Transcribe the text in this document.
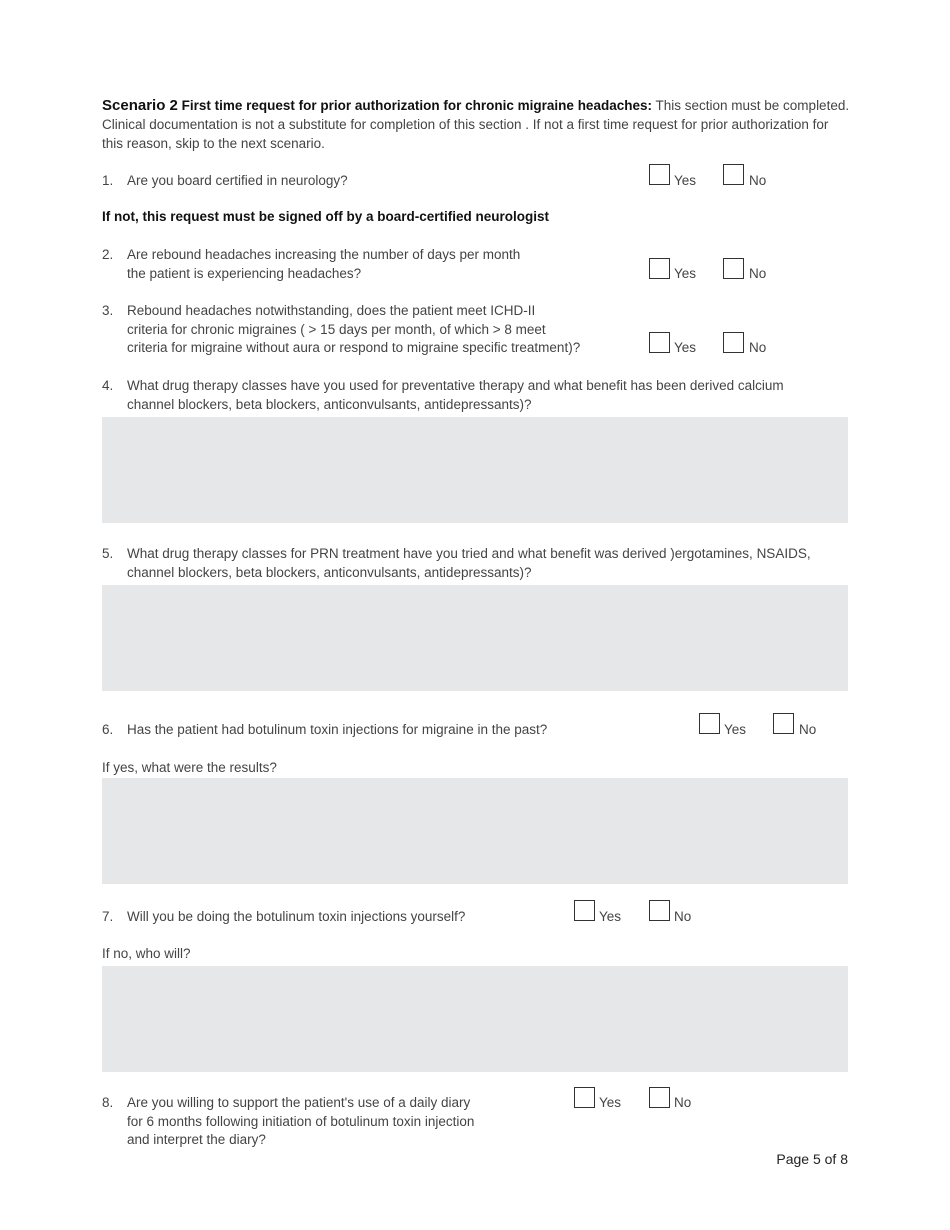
Scenario 2 First time request for prior authorization for chronic migraine headaches: This section must be completed. Clinical documentation is not a substitute for completion of this section . If not a first time request for prior authorization for this reason, skip to the next scenario.
1.	Are you board certified in neurology?	Yes	No
If not, this request must be signed off by a board-certified neurologist
2.	Are rebound headaches increasing the number of days per month
the patient is experiencing headaches?	Yes	No
3.	Rebound headaches notwithstanding, does the patient meet ICHD-II
criteria for chronic migraines ( > 15 days per month, of which > 8 meet
criteria for migraine without aura or respond to migraine specific treatment)?	Yes	No
4.	What drug therapy classes have you used for preventative therapy and what benefit has been derived calcium
channel blockers, beta blockers, anticonvulsants, antidepressants)?
5.	What drug therapy classes for PRN treatment have you tried and what benefit was derived )ergotamines, NSAIDS,
channel blockers, beta blockers, anticonvulsants, antidepressants)?
6.	Has the patient had botulinum toxin injections for migraine in the past?	Yes	No
If yes, what were the results?
7.	Will you be doing the botulinum toxin injections yourself?	Yes	No
If no, who will?
8.	Are you willing to support the patient's use of a daily diary
for 6 months following initiation of botulinum toxin injection
and interpret the diary?
Yes	No
Page 5 of 8
